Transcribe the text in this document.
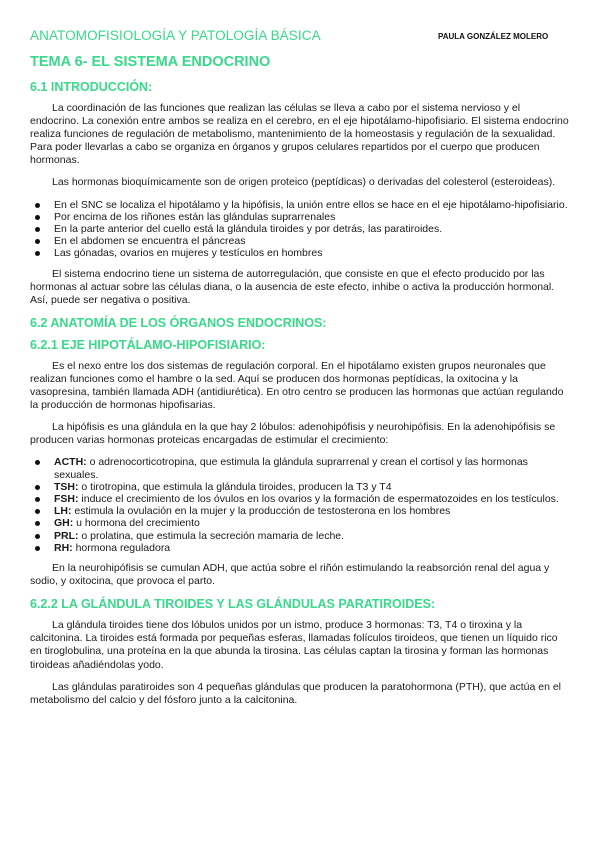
ANATOMOFISIOLOGÍA Y PATOLOGÍA BÁSICA	PAULA GONZÁLEZ MOLERO
TEMA 6- EL SISTEMA ENDOCRINO
6.1 INTRODUCCIÓN:

La coordinación de las funciones que realizan las células se lleva a cabo por el sistema nervioso y el endocrino. La conexión entre ambos se realiza en el cerebro, en el eje hipotálamo-hipofisiario. El sistema endocrino realiza funciones de regulación de metabolismo, mantenimiento de la homeostasis y regulación de la sexualidad. Para poder llevarlas a cabo se organiza en órganos y grupos celulares repartidos por el cuerpo que producen hormonas.

Las hormonas bioquímicamente son de origen proteico (peptídicas) o derivadas del colesterol (esteroideas).

En el SNC se localiza el hipotálamo y la hipófisis, la unión entre ellos se hace en el eje hipotálamo-hipofisiario.
Por encima de los riñones están las glándulas suprarrenales
En la parte anterior del cuello está la glándula tiroides y por detrás, las paratiroides.
En el abdomen se encuentra el páncreas
Las gónadas, ovarios en mujeres y testículos en hombres

El sistema endocrino tiene un sistema de autorregulación, que consiste en que el efecto producido por las hormonas al actuar sobre las células diana, o la ausencia de este efecto, inhibe o activa la producción hormonal. Así, puede ser negativa o positiva.

6.2 ANATOMÍA DE LOS ÓRGANOS ENDOCRINOS:
6.2.1 EJE HIPOTÁLAMO-HIPOFISIARIO:

Es el nexo entre los dos sistemas de regulación corporal. En el hipotálamo existen grupos neuronales que realizan funciones como el hambre o la sed. Aquí se producen dos hormonas peptídicas, la oxitocina y la vasopresina, también llamada ADH (antidiurética). En otro centro se producen las hormonas que actúan regulando la producción de hormonas hipofisarias.

La hipófisis es una glándula en la que hay 2 lóbulos: adenohipófisis y neurohipófisis. En la adenohipófisis se producen varias hormonas proteicas encargadas de estimular el crecimiento:

ACTH: o adrenocorticotropina, que estimula la glándula suprarrenal y crean el cortisol y las hormonas sexuales.
TSH: o tirotropina, que estimula la glándula tiroides, producen la T3 y T4
FSH: induce el crecimiento de los óvulos en los ovarios y la formación de espermatozoides en los testículos.
LH: estimula la ovulación en la mujer y la producción de testosterona en los hombres
GH: u hormona del crecimiento
PRL: o prolatina, que estimula la secreción mamaria de leche.
RH: hormona reguladora

En la neurohipófisis se cumulan ADH, que actúa sobre el riñón estimulando la reabsorción renal del agua y sodio, y oxitocina, que provoca el parto.

6.2.2 LA GLÁNDULA TIROIDES Y LAS GLÁNDULAS PARATIROIDES:

La glándula tiroides tiene dos lóbulos unidos por un istmo, produce 3 hormonas: T3, T4 o tiroxina y la calcitonina. La tiroides está formada por pequeñas esferas, llamadas folículos tiroideos, que tienen un líquido rico en tiroglobulina, una proteína en la que abunda la tirosina. Las células captan la tirosina y forman las hormonas tiroideas añadiéndolas yodo.

Las glándulas paratiroides son 4 pequeñas glándulas que producen la paratohormona (PTH), que actúa en el metabolismo del calcio y del fósforo junto a la calcitonina.
